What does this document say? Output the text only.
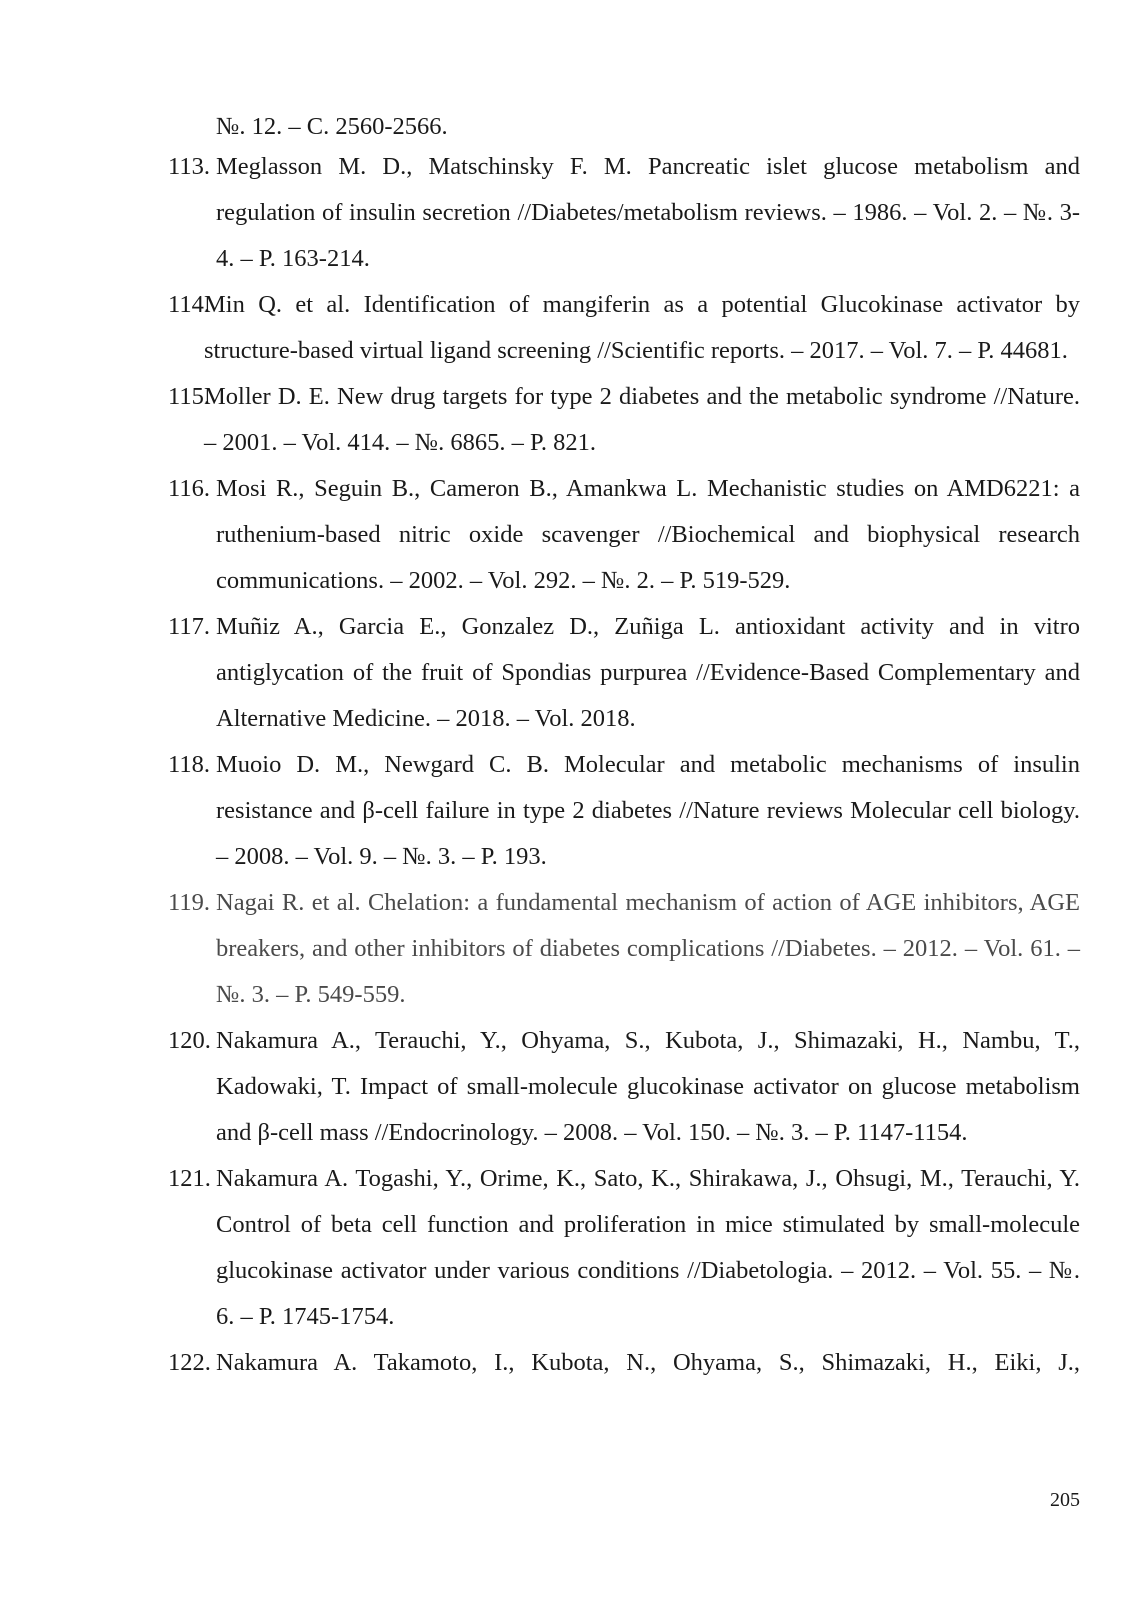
№. 12. – С. 2560-2566.
113. Meglasson M. D., Matschinsky F. M. Pancreatic islet glucose metabolism and regulation of insulin secretion //Diabetes/metabolism reviews. – 1986. – Vol. 2. – №. 3-4. – P. 163-214.
114.
Min Q. et al. Identification of mangiferin as a potential Glucokinase activator by structure-based virtual ligand screening //Scientific reports. – 2017. – Vol. 7. – P. 44681.
115.
Moller D. E. New drug targets for type 2 diabetes and the metabolic syndrome //Nature. – 2001. – Vol. 414. – №. 6865. – P. 821.
116. Mosi R., Seguin B., Cameron B., Amankwa L. Mechanistic studies on AMD6221: a ruthenium-based nitric oxide scavenger //Biochemical and biophysical research communications. – 2002. – Vol. 292. – №. 2. – P. 519-529.
117. Muñiz A., Garcia E., Gonzalez D., Zuñiga L. antioxidant activity and in vitro antiglycation of the fruit of Spondias purpurea //Evidence-Based Complementary and Alternative Medicine. – 2018. – Vol. 2018.
118. Muoio D. M., Newgard C. B. Molecular and metabolic mechanisms of insulin resistance and β-cell failure in type 2 diabetes //Nature reviews Molecular cell biology. – 2008. – Vol. 9. – №. 3. – P. 193.
119. Nagai R. et al. Chelation: a fundamental mechanism of action of AGE inhibitors, AGE breakers, and other inhibitors of diabetes complications //Diabetes. – 2012. – Vol. 61. – №. 3. – P. 549-559.
120. Nakamura A., Terauchi, Y., Ohyama, S., Kubota, J., Shimazaki, H., Nambu, T., Kadowaki, T. Impact of small-molecule glucokinase activator on glucose metabolism and β-cell mass //Endocrinology. – 2008. – Vol. 150. – №. 3. – P. 1147-1154.
121. Nakamura A. Togashi, Y., Orime, K., Sato, K., Shirakawa, J., Ohsugi, M., Terauchi, Y. Control of beta cell function and proliferation in mice stimulated by small-molecule glucokinase activator under various conditions //Diabetologia. – 2012. – Vol. 55. – №. 6. – P. 1745-1754.
122. Nakamura A. Takamoto, I., Kubota, N., Ohyama, S., Shimazaki, H., Eiki, J.,
205
